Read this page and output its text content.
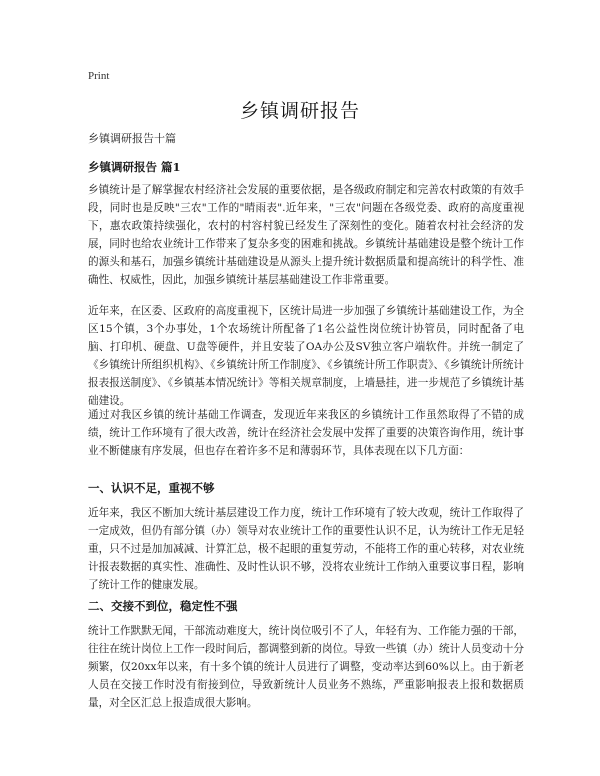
Print
乡镇调研报告
乡镇调研报告十篇
乡镇调研报告 篇1

乡镇统计是了解掌握农村经济社会发展的重要依据，是各级政府制定和完善农村政策的有效手段，同时也是反映"三农"工作的"晴雨表".近年来，"三农"问题在各级党委、政府的高度重视下，惠农政策持续强化，农村的村容村貌已经发生了深刻性的变化。随着农村社会经济的发展，同时也给农业统计工作带来了复杂多变的困难和挑战。乡镇统计基础建设是整个统计工作的源头和基石，加强乡镇统计基础建设是从源头上提升统计数据质量和提高统计的科学性、准确性、权威性，因此，加强乡镇统计基层基础建设工作非常重要。

近年来，在区委、区政府的高度重视下，区统计局进一步加强了乡镇统计基础建设工作，为全区15个镇，3个办事处，1个农场统计所配备了1名公益性岗位统计协管员，同时配备了电脑、打印机、硬盘、U盘等硬件，并且安装了OA办公及SV独立客户端软件。并统一制定了《乡镇统计所组织机构》、《乡镇统计所工作制度》、《乡镇统计所工作职责》、《乡镇统计所统计报表报送制度》、《乡镇基本情况统计》等相关规章制度，上墙悬挂，进一步规范了乡镇统计基础建设。

通过对我区乡镇的统计基础工作调查，发现近年来我区的乡镇统计工作虽然取得了不错的成绩，统计工作环境有了很大改善，统计在经济社会发展中发挥了重要的决策咨询作用，统计事业不断健康有序发展，但也存在着许多不足和薄弱环节，具体表现在以下几方面：

一、认识不足，重视不够

近年来，我区不断加大统计基层建设工作力度，统计工作环境有了较大改观，统计工作取得了一定成效，但仍有部分镇（办）领导对农业统计工作的重要性认识不足，认为统计工作无足轻重，只不过是加加减减、计算汇总，极不起眼的重复劳动，不能将工作的重心转移，对农业统计报表数据的真实性、准确性、及时性认识不够，没将农业统计工作纳入重要议事日程，影响了统计工作的健康发展。

二、交接不到位，稳定性不强

统计工作默默无闻，干部流动难度大，统计岗位吸引不了人，年轻有为、工作能力强的干部，往往在统计岗位上工作一段时间后，都调整到新的岗位。导致一些镇（办）统计人员变动十分频繁，仅20xx年以来，有十多个镇的统计人员进行了调整，变动率达到60%以上。由于新老人员在交接工作时没有衔接到位，导致新统计人员业务不熟练，严重影响报表上报和数据质量，对全区汇总上报造成很大影响。
